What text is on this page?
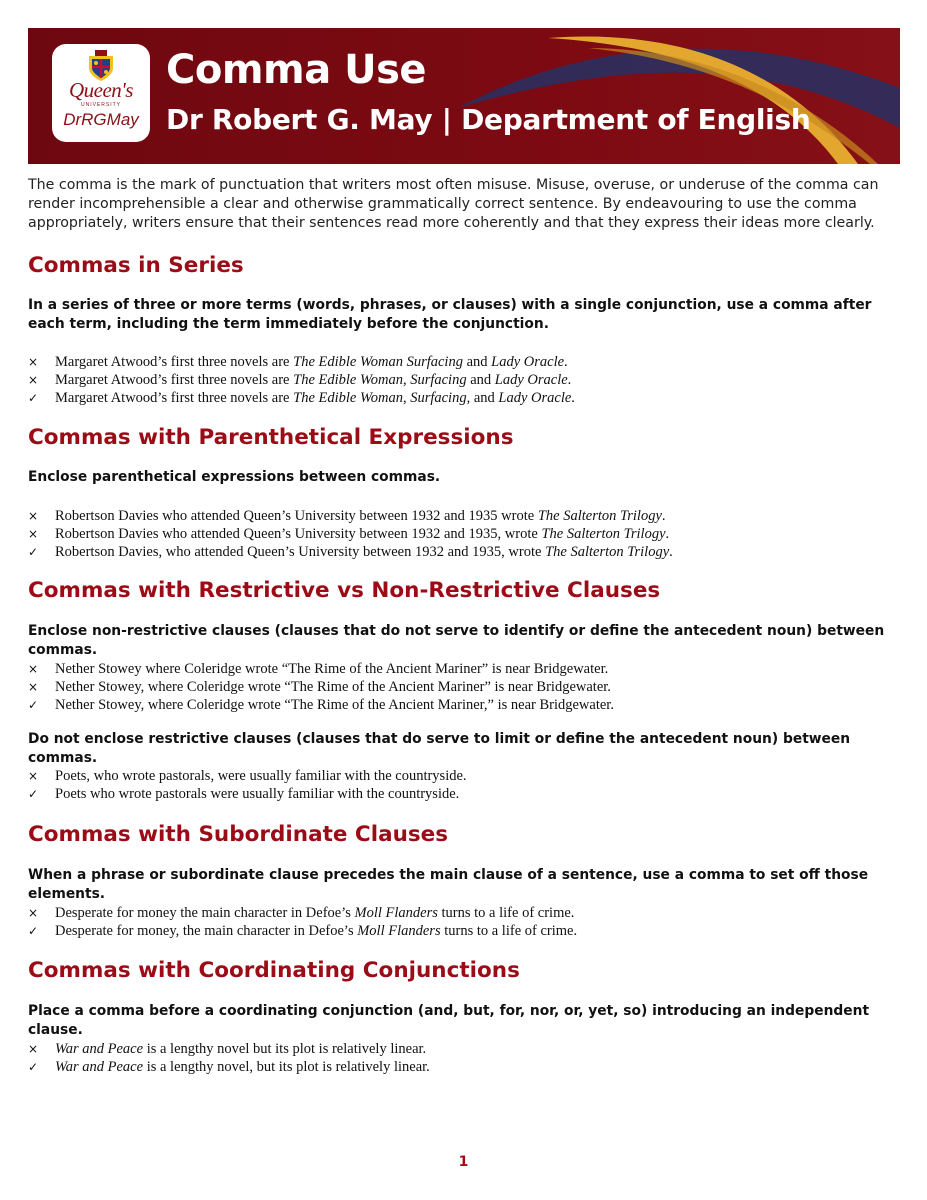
Queen's
UNIVERSITY
DrRGMay
Comma Use
Dr Robert G. May | Department of English

The comma is the mark of punctuation that writers most often misuse. Misuse, overuse, or underuse of the comma can render incomprehensible a clear and otherwise grammatically correct sentence. By endeavouring to use the comma appropriately, writers ensure that their sentences read more coherently and that they express their ideas more clearly.

Commas in Series

In a series of three or more terms (words, phrases, or clauses) with a single conjunction, use a comma after each term, including the term immediately before the conjunction.

× Margaret Atwood’s first three novels are The Edible Woman Surfacing and Lady Oracle.
× Margaret Atwood’s first three novels are The Edible Woman, Surfacing and Lady Oracle.
✓ Margaret Atwood’s first three novels are The Edible Woman, Surfacing, and Lady Oracle.
Commas with Parenthetical Expressions

Enclose parenthetical expressions between commas.

× Robertson Davies who attended Queen’s University between 1932 and 1935 wrote The Salterton Trilogy.
× Robertson Davies who attended Queen’s University between 1932 and 1935, wrote The Salterton Trilogy.
✓ Robertson Davies, who attended Queen’s University between 1932 and 1935, wrote The Salterton Trilogy.
Commas with Restrictive vs Non-Restrictive Clauses

Enclose non-restrictive clauses (clauses that do not serve to identify or define the antecedent noun) between commas.

× Nether Stowey where Coleridge wrote “The Rime of the Ancient Mariner” is near Bridgewater.
× Nether Stowey, where Coleridge wrote “The Rime of the Ancient Mariner” is near Bridgewater.
✓ Nether Stowey, where Coleridge wrote “The Rime of the Ancient Mariner,” is near Bridgewater.

Do not enclose restrictive clauses (clauses that do serve to limit or define the antecedent noun) between commas.

× Poets, who wrote pastorals, were usually familiar with the countryside.
✓ Poets who wrote pastorals were usually familiar with the countryside.
Commas with Subordinate Clauses

When a phrase or subordinate clause precedes the main clause of a sentence, use a comma to set off those elements.

× Desperate for money the main character in Defoe’s Moll Flanders turns to a life of crime.
✓ Desperate for money, the main character in Defoe’s Moll Flanders turns to a life of crime.
Commas with Coordinating Conjunctions

Place a comma before a coordinating conjunction (and, but, for, nor, or, yet, so) introducing an independent clause.

× War and Peace is a lengthy novel but its plot is relatively linear.
✓ War and Peace is a lengthy novel, but its plot is relatively linear.
1
